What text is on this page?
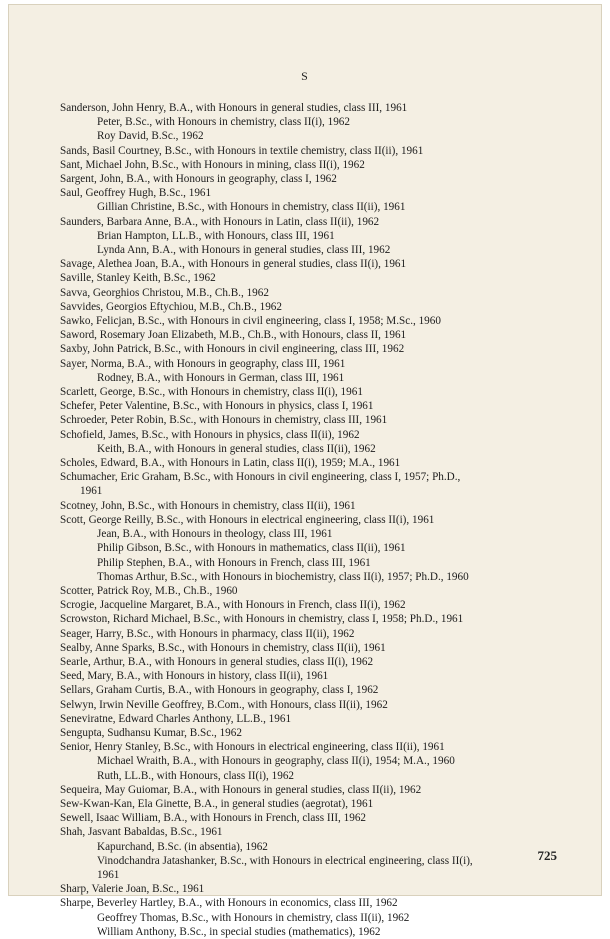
S
Sanderson, John Henry, B.A., with Honours in general studies, class III, 1961
Peter, B.Sc., with Honours in chemistry, class II(i), 1962
Roy David, B.Sc., 1962
Sands, Basil Courtney, B.Sc., with Honours in textile chemistry, class II(ii), 1961
Sant, Michael John, B.Sc., with Honours in mining, class II(i), 1962
Sargent, John, B.A., with Honours in geography, class I, 1962
Saul, Geoffrey Hugh, B.Sc., 1961
Gillian Christine, B.Sc., with Honours in chemistry, class II(ii), 1961
Saunders, Barbara Anne, B.A., with Honours in Latin, class II(ii), 1962
Brian Hampton, LL.B., with Honours, class III, 1961
Lynda Ann, B.A., with Honours in general studies, class III, 1962
Savage, Alethea Joan, B.A., with Honours in general studies, class II(i), 1961
Saville, Stanley Keith, B.Sc., 1962
Savva, Georghios Christou, M.B., Ch.B., 1962
Savvides, Georgios Eftychiou, M.B., Ch.B., 1962
Sawko, Felicjan, B.Sc., with Honours in civil engineering, class I, 1958; M.Sc., 1960
Saword, Rosemary Joan Elizabeth, M.B., Ch.B., with Honours, class II, 1961
Saxby, John Patrick, B.Sc., with Honours in civil engineering, class III, 1962
Sayer, Norma, B.A., with Honours in geography, class III, 1961
Rodney, B.A., with Honours in German, class III, 1961
Scarlett, George, B.Sc., with Honours in chemistry, class II(i), 1961
Schefer, Peter Valentine, B.Sc., with Honours in physics, class I, 1961
Schroeder, Peter Robin, B.Sc., with Honours in chemistry, class III, 1961
Schofield, James, B.Sc., with Honours in physics, class II(ii), 1962
Keith, B.A., with Honours in general studies, class II(ii), 1962
Scholes, Edward, B.A., with Honours in Latin, class II(i), 1959; M.A., 1961
Schumacher, Eric Graham, B.Sc., with Honours in civil engineering, class I, 1957; Ph.D.,
1961
Scotney, John, B.Sc., with Honours in chemistry, class II(ii), 1961
Scott, George Reilly, B.Sc., with Honours in electrical engineering, class II(i), 1961
Jean, B.A., with Honours in theology, class III, 1961
Philip Gibson, B.Sc., with Honours in mathematics, class II(ii), 1961
Philip Stephen, B.A., with Honours in French, class III, 1961
Thomas Arthur, B.Sc., with Honours in biochemistry, class II(i), 1957; Ph.D., 1960
Scotter, Patrick Roy, M.B., Ch.B., 1960
Scrogie, Jacqueline Margaret, B.A., with Honours in French, class II(i), 1962
Scrowston, Richard Michael, B.Sc., with Honours in chemistry, class I, 1958; Ph.D., 1961
Seager, Harry, B.Sc., with Honours in pharmacy, class II(ii), 1962
Sealby, Anne Sparks, B.Sc., with Honours in chemistry, class II(ii), 1961
Searle, Arthur, B.A., with Honours in general studies, class II(i), 1962
Seed, Mary, B.A., with Honours in history, class II(ii), 1961
Sellars, Graham Curtis, B.A., with Honours in geography, class I, 1962
Selwyn, Irwin Neville Geoffrey, B.Com., with Honours, class II(ii), 1962
Seneviratne, Edward Charles Anthony, LL.B., 1961
Sengupta, Sudhansu Kumar, B.Sc., 1962
Senior, Henry Stanley, B.Sc., with Honours in electrical engineering, class II(ii), 1961
Michael Wraith, B.A., with Honours in geography, class II(i), 1954; M.A., 1960
Ruth, LL.B., with Honours, class II(i), 1962
Sequeira, May Guiomar, B.A., with Honours in general studies, class II(ii), 1962
Sew-Kwan-Kan, Ela Ginette, B.A., in general studies (aegrotat), 1961
Sewell, Isaac William, B.A., with Honours in French, class III, 1962
Shah, Jasvant Babaldas, B.Sc., 1961
Kapurchand, B.Sc. (in absentia), 1962
Vinodchandra Jatashanker, B.Sc., with Honours in electrical engineering, class II(i),
1961
Sharp, Valerie Joan, B.Sc., 1961
Sharpe, Beverley Hartley, B.A., with Honours in economics, class III, 1962
Geoffrey Thomas, B.Sc., with Honours in chemistry, class II(ii), 1962
William Anthony, B.Sc., in special studies (mathematics), 1962
725
